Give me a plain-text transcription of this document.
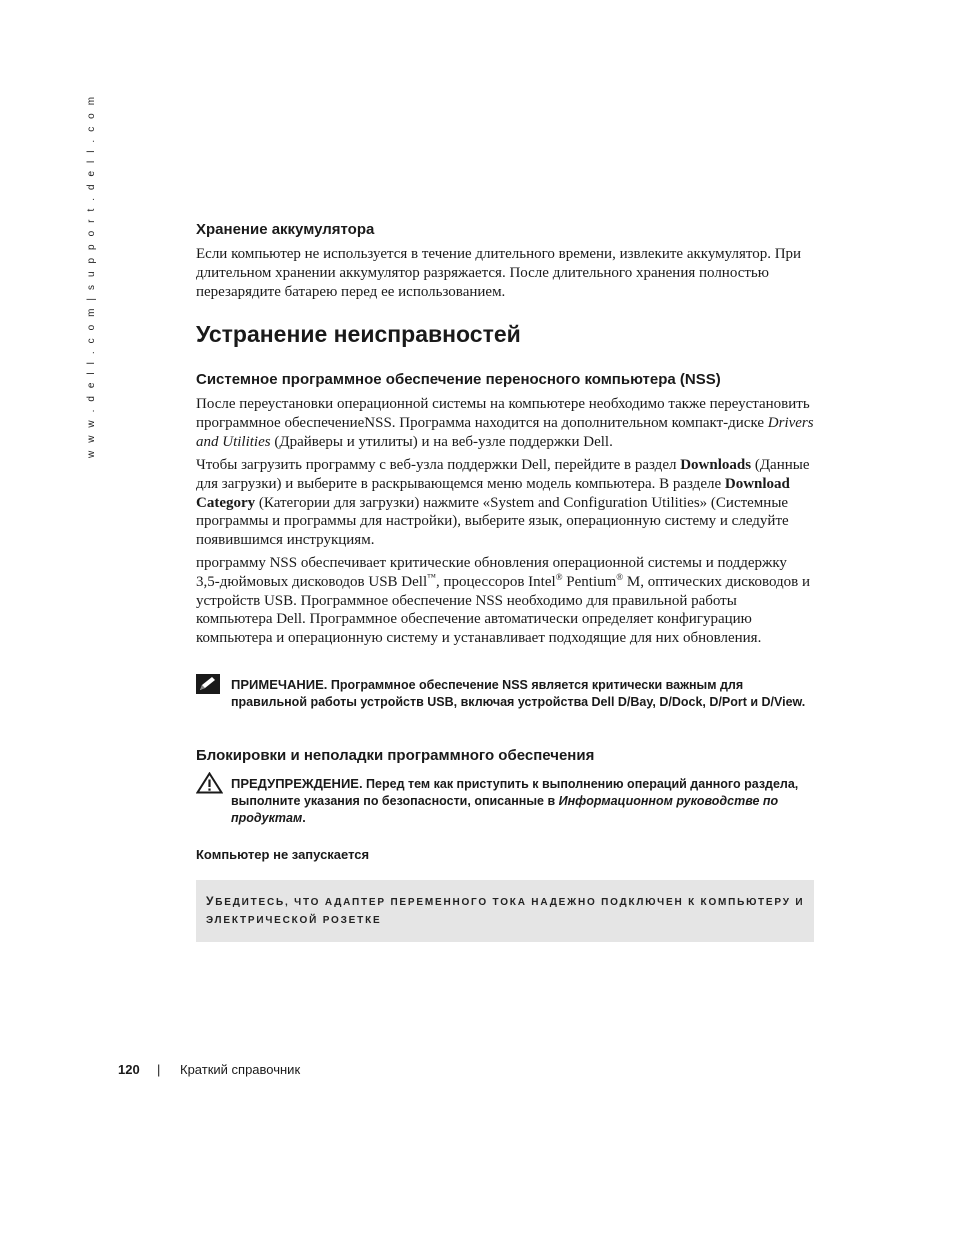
w w w . d e l l . c o m | s u p p o r t . d e l l . c o m	Хранение аккумулятора

Если компьютер не используется в течение длительного времени, извлеките аккумулятор. При длительном хранении аккумулятор разряжается. После длительного хранения полностью перезарядите батарею перед ее использованием.

Устранение неисправностей
Системное программное обеспечение переносного компьютера (NSS)

После переустановки операционной системы на компьютере необходимо также переустановить программное обеспечениеNSS. Программа находится на дополнительном компакт-диске Drivers and Utilities (Драйверы и утилиты) и на веб-узле поддержки Dell.

Чтобы загрузить программу с веб-узла поддержки Dell, перейдите в раздел Downloads (Данные для загрузки) и выберите в раскрывающемся меню модель компьютера. В разделе Download Category (Категории для загрузки) нажмите «System and Configuration Utilities» (Системные программы и программы для настройки), выберите язык, операционную систему и следуйте появившимся инструкциям.

программу NSS обеспечивает критические обновления операционной системы и поддержку 3,5-дюймовых дисководов USB Dell™, процессоров Intel® Pentium® M, оптических дисководов и устройств USB. Программное обеспечение NSS необходимо для правильной работы компьютера Dell. Программное обеспечение автоматически определяет конфигурацию компьютера и операционную систему и устанавливает подходящие для них обновления.

ПРИМЕЧАНИЕ. Программное обеспечение NSS является критически важным для правильной работы устройств USB, включая устройства Dell D/Bay, D/Dock, D/Port и D/View.
Блокировки и неполадки программного обеспечения
ПРЕДУПРЕЖДЕНИЕ. Перед тем как приступить к выполнению операций данного раздела, выполните указания по безопасности, описанные в Информационном руководстве по продуктам.
Компьютер не запускается
УБЕДИТЕСЬ, ЧТО АДАПТЕР ПЕРЕМЕННОГО ТОКА НАДЕЖНО ПОДКЛЮЧЕН К КОМПЬЮТЕРУ И ЭЛЕКТРИЧЕСКОЙ РОЗЕТКЕ
120 | Краткий справочник
